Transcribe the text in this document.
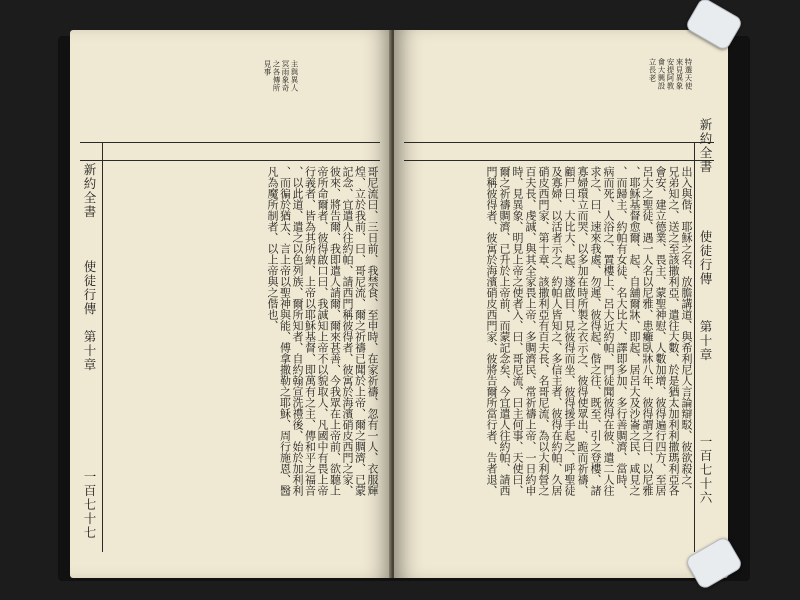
主與異人
冥雨象奇
之各傳所
見事
新約全書
使徒行傳
第十章
一百七十七
哥尼流曰、三日前、我禁食、至申時、在家祈禱、忽有一人、衣服輝
煌、立於我前、曰、哥尼流、爾之祈禱已聞於上帝、爾之賙濟、已蒙
記念、宜遣人往約帕、請西門稱彼得者、彼寓於海濱硝皮西門之家、
彼來、將告爾、我即遣人請爾、爾來甚善、今我眾在上帝前、欲聽上
帝所命爾者、彼得啟口曰、我誠知上帝不以貌取人、凡國中有畏上帝
行義者、皆為其所納、上帝以耶穌基督、即萬有之主、傳和平之福音
、以此道、遣之以色列族、爾所知者、自約翰宣洗禮後、始於加利利
、而徧於猶太、言上帝以聖神與能、傅拿撒勒之耶穌、周行施恩、醫
凡為魔所制者、以上帝與之偕也、
特選天使
來見異象
安提阿教
會大興設
立長老
新約全書
使徒行傳
第十章
一百七十六
出入與偕、耶穌之名、放膽講道、與希利尼人言論辯駁、彼欲殺之、
兄弟知之、送之至該撒利亞、遣往大數、於是猶太加利利撒瑪利亞各
會安、建立德業、畏主、蒙聖神慰、人數加增、彼得遍行四方、至居
呂大之聖徒、遇一人名以尼雅、患癱臥牀八年、彼得謂之曰、以尼雅
、耶穌基督愈爾、起、自舖爾牀、即起、居呂大及沙崙之民、咸見之
、而歸主、約帕有女徒、名大比大、譯即多加、多行善賙濟、當時、
病而死、人浴之、置樓上、呂大近約帕、門徒聞彼得在彼、遣二人往
求之、曰、速來我處、勿遲、彼得起、偕之往、既至、引之登樓、諸
寡婦環立而哭、以多加在時所製之衣示之、彼得使眾出、跪而祈禱、
顧尸曰、大比大、起、遂啟目、見彼得而坐、彼得援手起之、呼聖徒
及寡婦、以活者示之、約帕人皆知之、多信主者、彼得在約帕、久居
硝皮西門家、第十章、該撒利亞有百夫長、名哥尼流、為以大利營之
百夫長、虔誠、與其全家畏上帝、多賙濟民、常祈禱上帝、一日約申
時、見異象、明見上帝之使者入、曰、哥尼流、曰主何事、天使曰、
爾之祈禱賙濟、已升於上帝前、而蒙記念矣、今宜遣人往約帕、請西
門稱彼得者、彼寓於海濱硝皮西門家、彼將告爾所當行者、告者退、
